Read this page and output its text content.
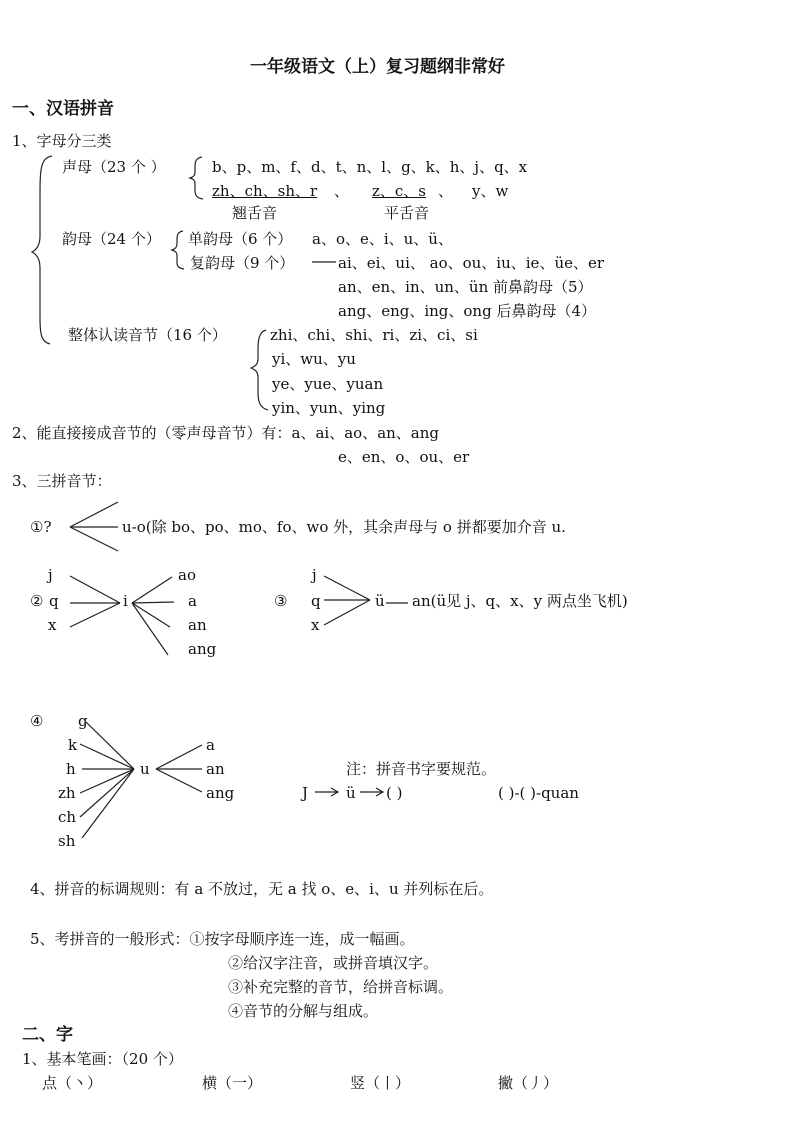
一年级语文（上）复习题纲非常好
一、汉语拼音
1、字母分三类
声母（23 个 ）	b、p、m、f、d、t、n、l、g、k、h、j、q、x
zh、ch、sh、r 、 z、c、s 、 y、w
翘舌音	平舌音
韵母（24 个） 单韵母（6 个） a、o、e、i、u、ü、
复韵母（9 个）	ai、ei、ui、 ao、ou、iu、ie、üe、er
an、en、in、un、ün 前鼻韵母（5）
ang、eng、ing、ong 后鼻韵母（4）
整体认读音节（16 个）	zhi、chi、shi、ri、zi、ci、si
yi、wu、yu
ye、yue、yuan
yin、yun、ying
2、能直接接成音节的（零声母音节）有：a、ai、ao、an、ang
e、en、o、ou、er
3、三拼音节：
①?	u-o(除 bo、po、mo、fo、wo 外，其余声母与 o 拼都要加介音 u.
j
② q
x
i
ao
a
an
ang
③
j
q
x
ü an(ü见 j、q、x、y 两点坐飞机)
④ g
k
h
zh
ch
sh
u
a
an
ang
注：拼音书字要规范。
J	ü ( )	( )-( )-quan
4、拼音的标调规则：有 a 不放过，无 a 找 o、e、i、u 并列标在后。
5、考拼音的一般形式：①按字母顺序连一连，成一幅画。
②给汉字注音，或拼音填汉字。
③补充完整的音节，给拼音标调。
④音节的分解与组成。
二、字
1、基本笔画：（20 个）
点（丶）	横（一）	竖（丨）	撇（丿）
